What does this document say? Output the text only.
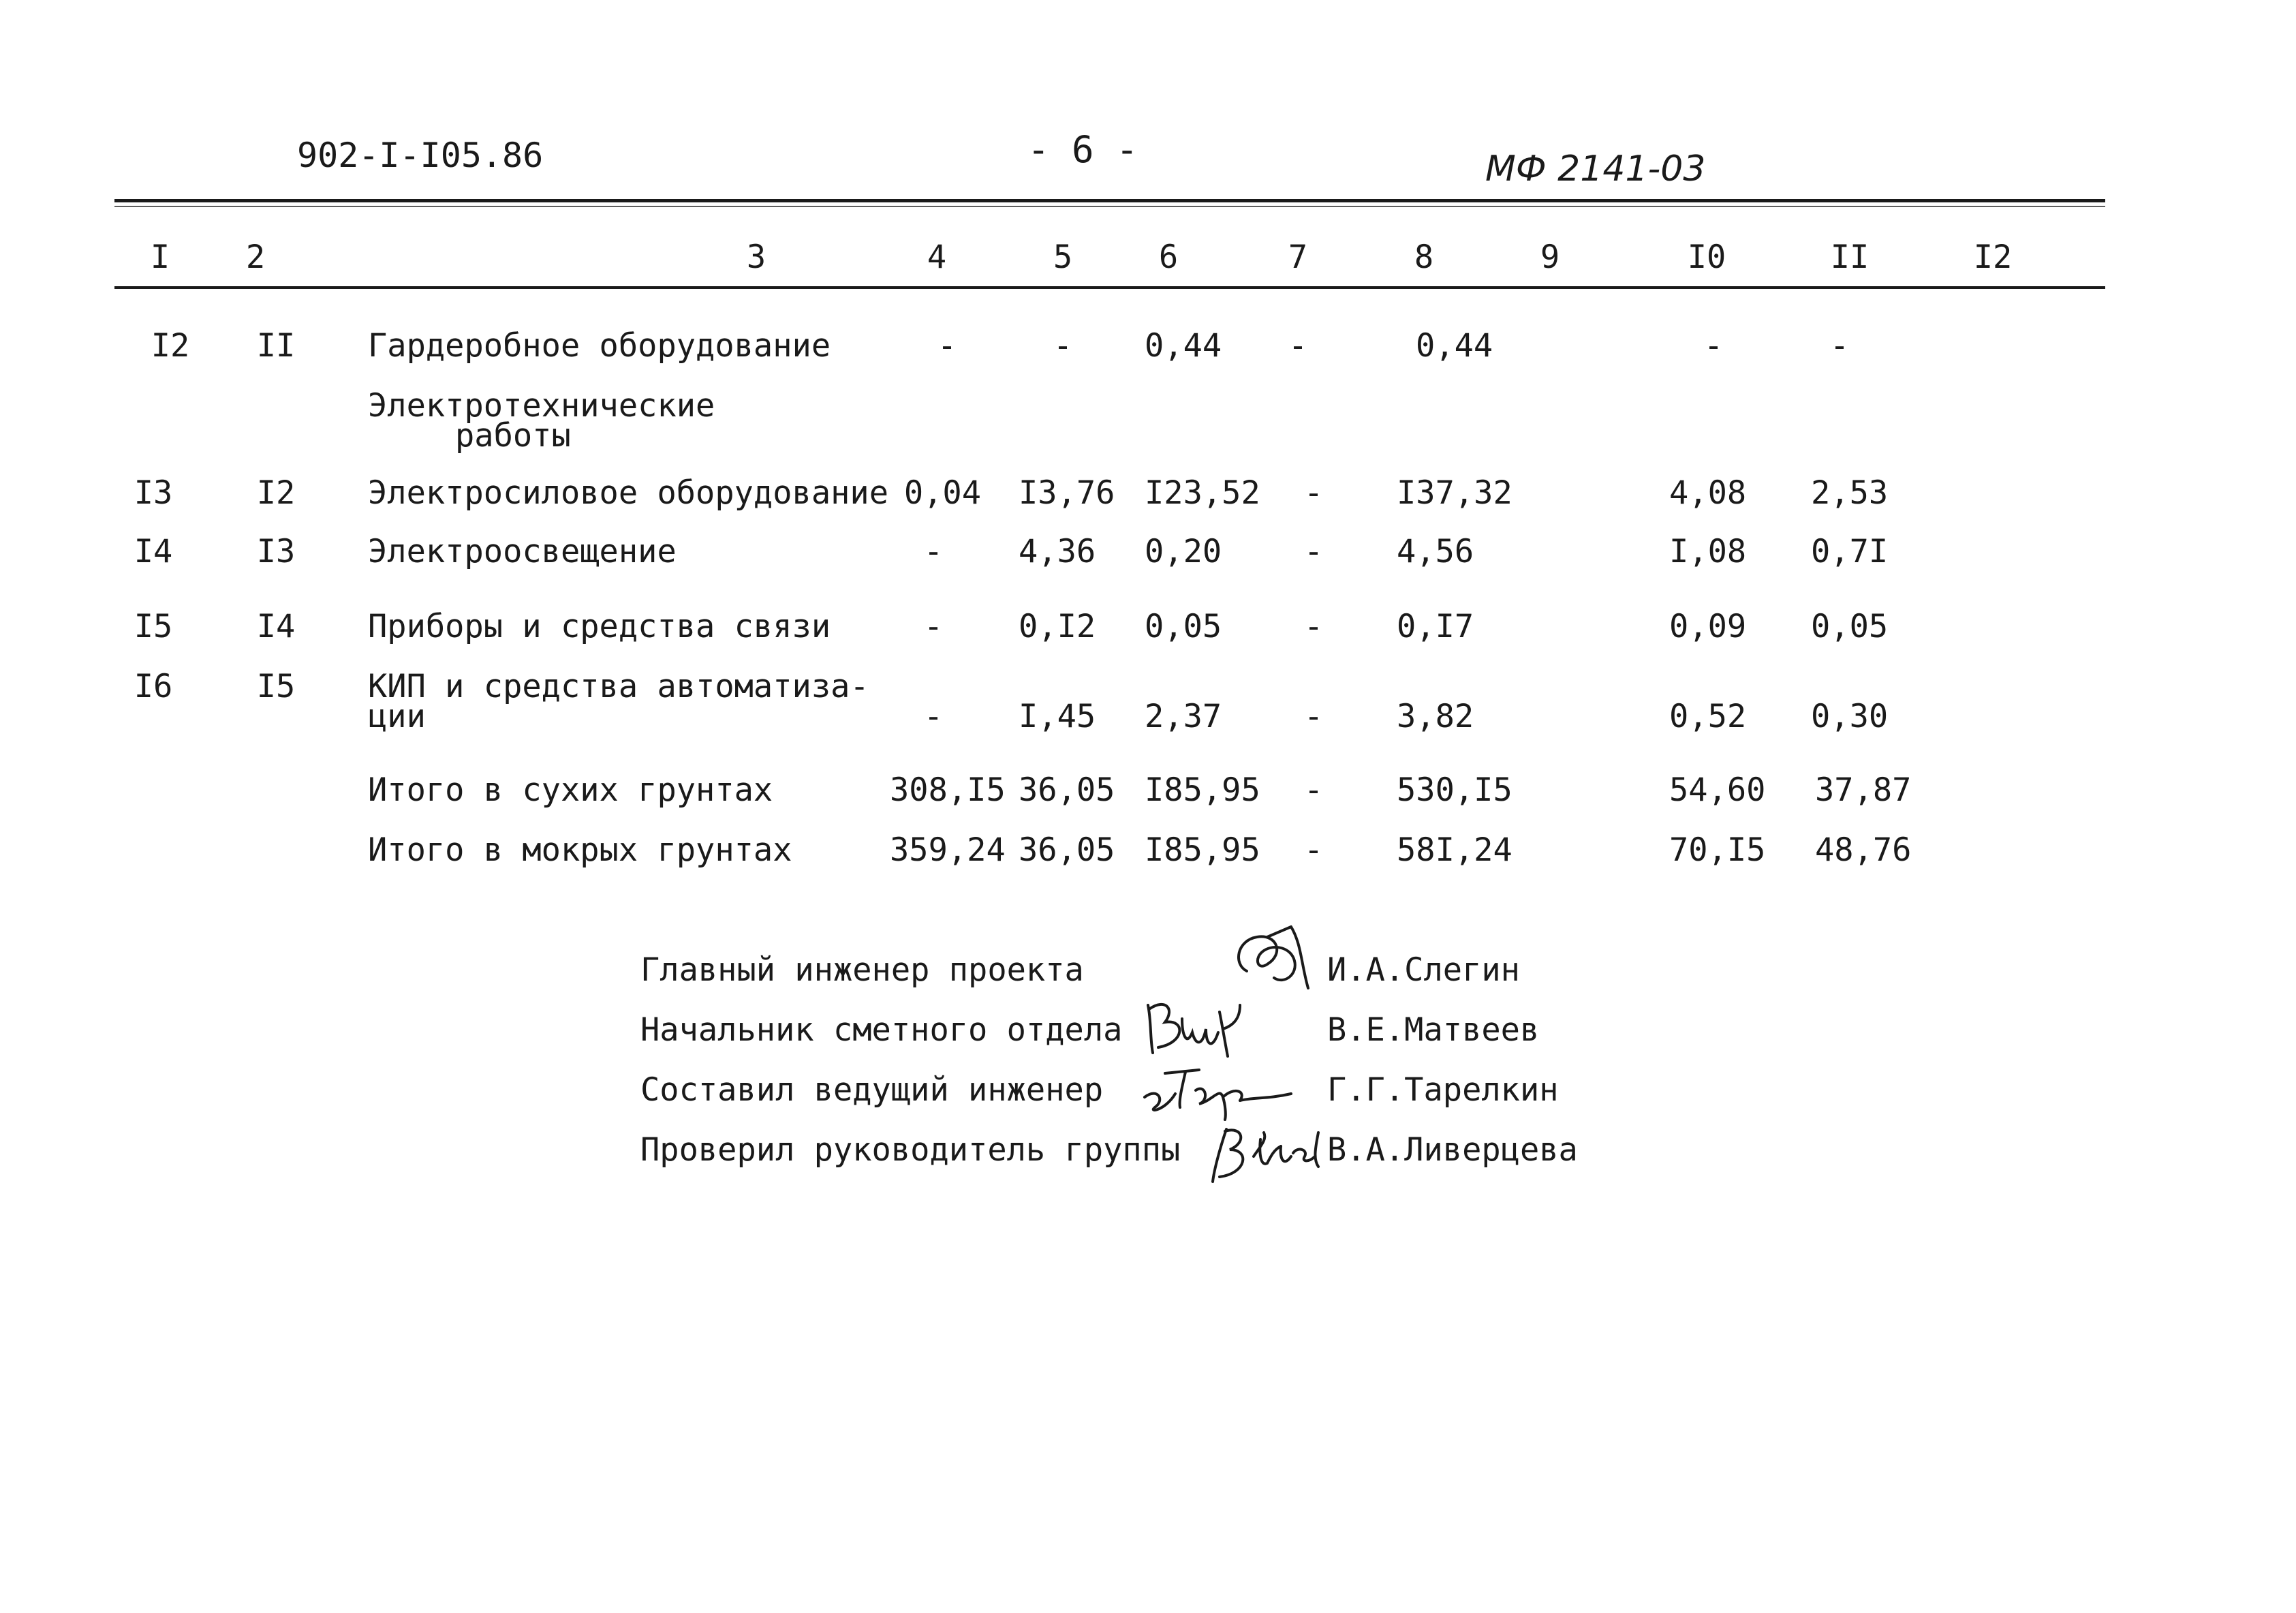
902-I-I05.86	- 6 -	МФ 2141-03
I	2	3	4	5	6	7	8	9	I0	II	I2
I2	II	Гардеробное оборудование	-	-	0,44	-	0,44	-	-
Электротехнические
работы
I3	I2	Электросиловое оборудование 0,04 I3,76 I23,52	-	I37,32	4,08 2,53
I4	I3	Электроосвещение	-	4,36 0,20	-	4,56	I,08 0,7I
I5	I4	Приборы и средства связи	-	0,I2 0,05	-	0,I7	0,09 0,05
I6	I5	КИП и средства автоматиза-
ции	-	I,45 2,37	-	3,82	0,52 0,30
Итого в сухих грунтах	308,I5 36,05 I85,95	-	530,I5	54,60 37,87
Итого в мокрых грунтах	359,24 36,05 I85,95	-	58I,24	70,I5 48,76
Главный инженер проекта	И.А.Слегин
Начальник сметного отдела	В.Е.Матвеев
Составил ведущий инженер	Г.Г.Тарелкин
Проверил руководитель группы	В.А.Ливерцева
